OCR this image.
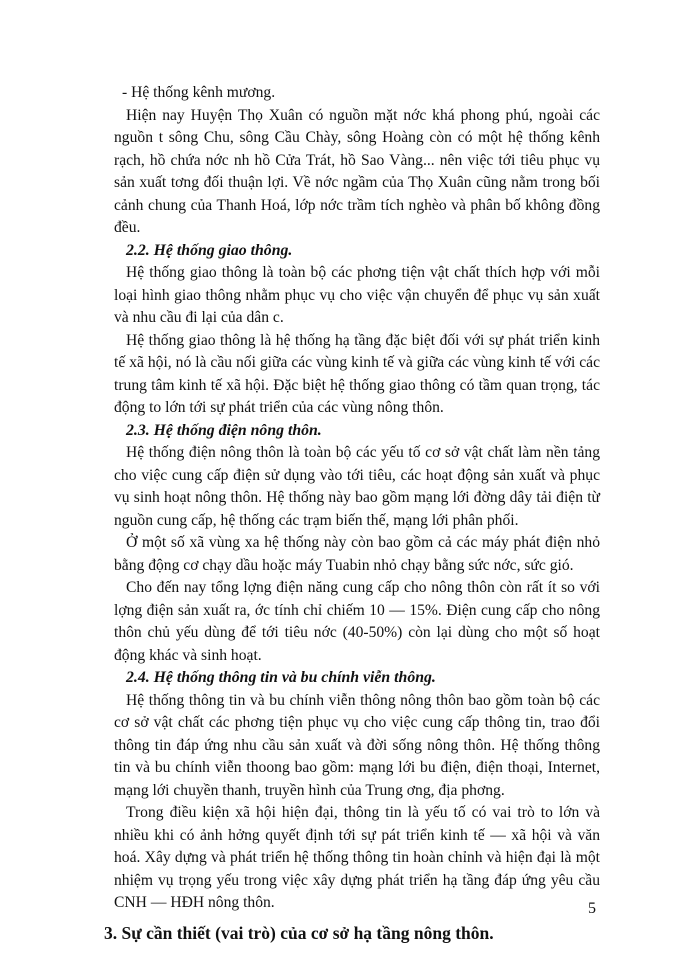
- Hệ thống kênh mương.

Hiện nay Huyện Thọ Xuân có nguồn mặt nớc khá phong phú, ngoài các nguồn t sông Chu, sông Cầu Chày, sông Hoàng còn có một hệ thống kênh rạch, hồ chứa nớc nh hồ Cửa Trát, hồ Sao Vàng... nên việc tới tiêu phục vụ sản xuất tơng đối thuận lợi. Về nớc ngầm của Thọ Xuân cũng nằm trong bối cảnh chung của Thanh Hoá, lớp nớc trầm tích nghèo và phân bố không đồng đều.

2.2. Hệ thống giao thông.

Hệ thống giao thông là toàn bộ các phơng tiện vật chất thích hợp với mỗi loại hình giao thông nhằm phục vụ cho việc vận chuyển để phục vụ sản xuất và nhu cầu đi lại của dân c.

Hệ thống giao thông là hệ thống hạ tầng đặc biệt đối với sự phát triển kinh tế xã hội, nó là cầu nối giữa các vùng kinh tế và giữa các vùng kinh tế với các trung tâm kinh tế xã hội. Đặc biệt hệ thống giao thông có tầm quan trọng, tác động to lớn tới sự phát triển của các vùng nông thôn.

2.3. Hệ thống điện nông thôn.

Hệ thống điện nông thôn là toàn bộ các yếu tố cơ sở vật chất làm nền tảng cho việc cung cấp điện sử dụng vào tới tiêu, các hoạt động sản xuất và phục vụ sinh hoạt nông thôn. Hệ thống này bao gồm mạng lới đờng dây tải điện từ nguồn cung cấp, hệ thống các trạm biến thế, mạng lới phân phối.

Ở một số xã vùng xa hệ thống này còn bao gồm cả các máy phát điện nhỏ bằng động cơ chạy dầu hoặc máy Tuabin nhỏ chạy bằng sức nớc, sức gió.

Cho đến nay tổng lợng điện năng cung cấp cho nông thôn còn rất ít so với lợng điện sản xuất ra, ớc tính chỉ chiếm 10 — 15%. Điện cung cấp cho nông thôn chủ yếu dùng để tới tiêu nớc (40-50%) còn lại dùng cho một số hoạt động khác và sinh hoạt.

2.4. Hệ thống thông tin và bu chính viễn thông.

Hệ thống thông tin và bu chính viễn thông nông thôn bao gồm toàn bộ các cơ sở vật chất các phơng tiện phục vụ cho việc cung cấp thông tin, trao đổi thông tin đáp ứng nhu cầu sản xuất và đời sống nông thôn. Hệ thống thông tin và bu chính viễn thoong bao gồm: mạng lới bu điện, điện thoại, Internet, mạng lới chuyền thanh, truyền hình của Trung ơng, địa phơng.

Trong điều kiện xã hội hiện đại, thông tin là yếu tố có vai trò to lớn và nhiều khi có ảnh hởng quyết định tới sự pát triển kinh tế — xã hội và văn hoá. Xây dựng và phát triển hệ thống thông tin hoàn chỉnh và hiện đại là một nhiệm vụ trọng yếu trong việc xây dựng phát triển hạ tầng đáp ứng yêu cầu CNH — HĐH nông thôn.

3. Sự cần thiết (vai trò) của cơ sở hạ tầng nông thôn.
5
